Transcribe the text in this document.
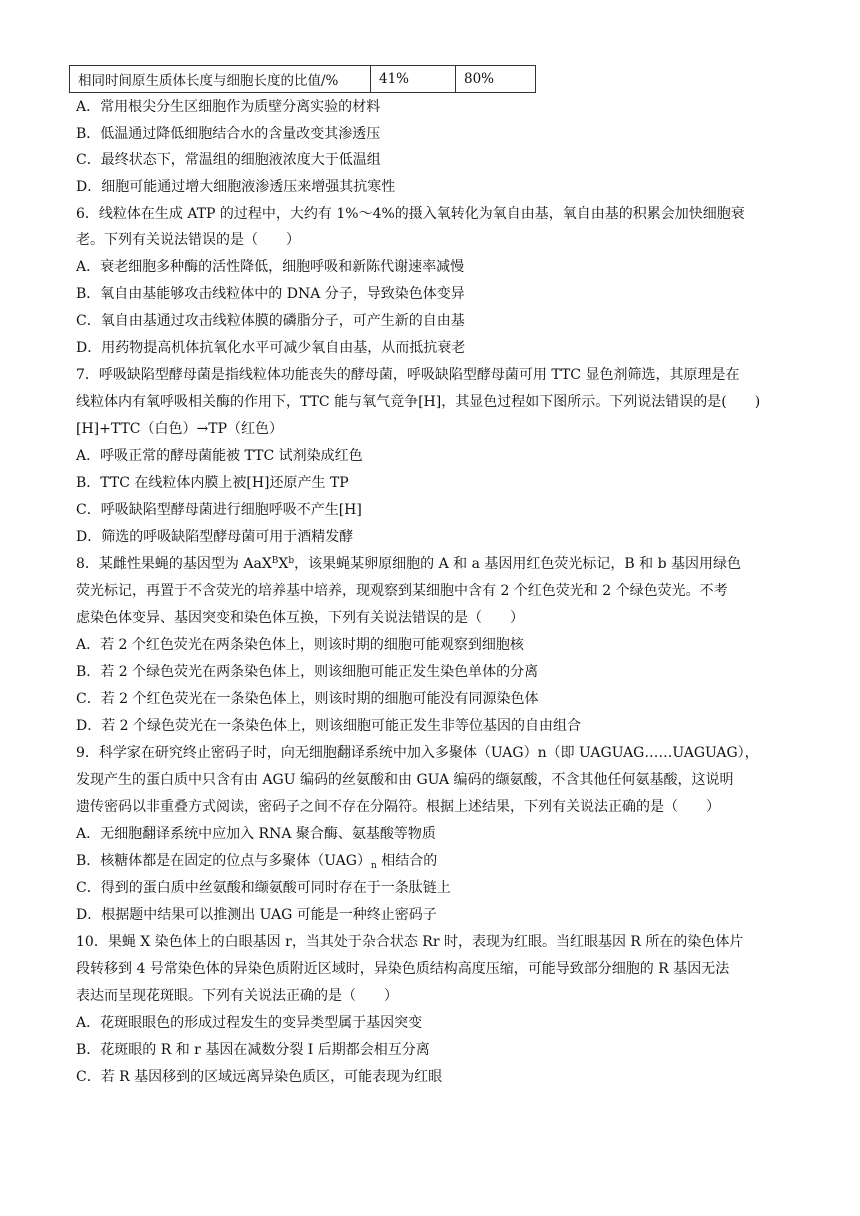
相同时间原生质体长度与细胞长度的比值/%	41%	80%
A．常用根尖分生区细胞作为质壁分离实验的材料
B．低温通过降低细胞结合水的含量改变其渗透压
C．最终状态下，常温组的细胞液浓度大于低温组
D．细胞可能通过增大细胞液渗透压来增强其抗寒性
6．线粒体在生成 ATP 的过程中，大约有 1%～4%的摄入氧转化为氧自由基，氧自由基的积累会加快细胞衰
老。下列有关说法错误的是（　　）
A．衰老细胞多种酶的活性降低，细胞呼吸和新陈代谢速率减慢
B．氧自由基能够攻击线粒体中的 DNA 分子，导致染色体变异
C．氧自由基通过攻击线粒体膜的磷脂分子，可产生新的自由基
D．用药物提高机体抗氧化水平可减少氧自由基，从而抵抗衰老
7．呼吸缺陷型酵母菌是指线粒体功能丧失的酵母菌，呼吸缺陷型酵母菌可用 TTC 显色剂筛选，其原理是在
线粒体内有氧呼吸相关酶的作用下，TTC 能与氧气竞争[H]，其显色过程如下图所示。下列说法错误的是(　　)
[H]+TTC（白色）→TP（红色）
A．呼吸正常的酵母菌能被 TTC 试剂染成红色
B．TTC 在线粒体内膜上被[H]还原产生 TP
C．呼吸缺陷型酵母菌进行细胞呼吸不产生[H]
D．筛选的呼吸缺陷型酵母菌可用于酒精发酵
8．某雌性果蝇的基因型为 $AaX^BX^b$，该果蝇某卵原细胞的 A 和 a 基因用红色荧光标记，B 和 b 基因用绿色
荧光标记，再置于不含荧光的培养基中培养，现观察到某细胞中含有 2 个红色荧光和 2 个绿色荧光。不考
虑染色体变异、基因突变和染色体互换，下列有关说法错误的是（　　）
A．若 2 个红色荧光在两条染色体上，则该时期的细胞可能观察到细胞核
B．若 2 个绿色荧光在两条染色体上，则该细胞可能正发生染色单体的分离
C．若 2 个红色荧光在一条染色体上，则该时期的细胞可能没有同源染色体
D．若 2 个绿色荧光在一条染色体上，则该细胞可能正发生非等位基因的自由组合
9．科学家在研究终止密码子时，向无细胞翻译系统中加入多聚体（UAG）n（即 UAGUAG……UAGUAG），
发现产生的蛋白质中只含有由 AGU 编码的丝氨酸和由 GUA 编码的缬氨酸，不含其他任何氨基酸，这说明
遗传密码以非重叠方式阅读，密码子之间不存在分隔符。根据上述结果，下列有关说法正确的是（　　）
A．无细胞翻译系统中应加入 RNA 聚合酶、氨基酸等物质
B．核糖体都是在固定的位点与多聚体$(UAG)_n$ 相结合的
C．得到的蛋白质中丝氨酸和缬氨酸可同时存在于一条肽链上
D．根据题中结果可以推测出 UAG 可能是一种终止密码子
10．果蝇 X 染色体上的白眼基因 r，当其处于杂合状态 Rr 时，表现为红眼。当红眼基因 R 所在的染色体片
段转移到 4 号常染色体的异染色质附近区域时，异染色质结构高度压缩，可能导致部分细胞的 R 基因无法
表达而呈现花斑眼。下列有关说法正确的是（　　）
A．花斑眼眼色的形成过程发生的变异类型属于基因突变
B．花斑眼的 R 和 r 基因在减数分裂 I 后期都会相互分离
C．若 R 基因移到的区域远离异染色质区，可能表现为红眼
